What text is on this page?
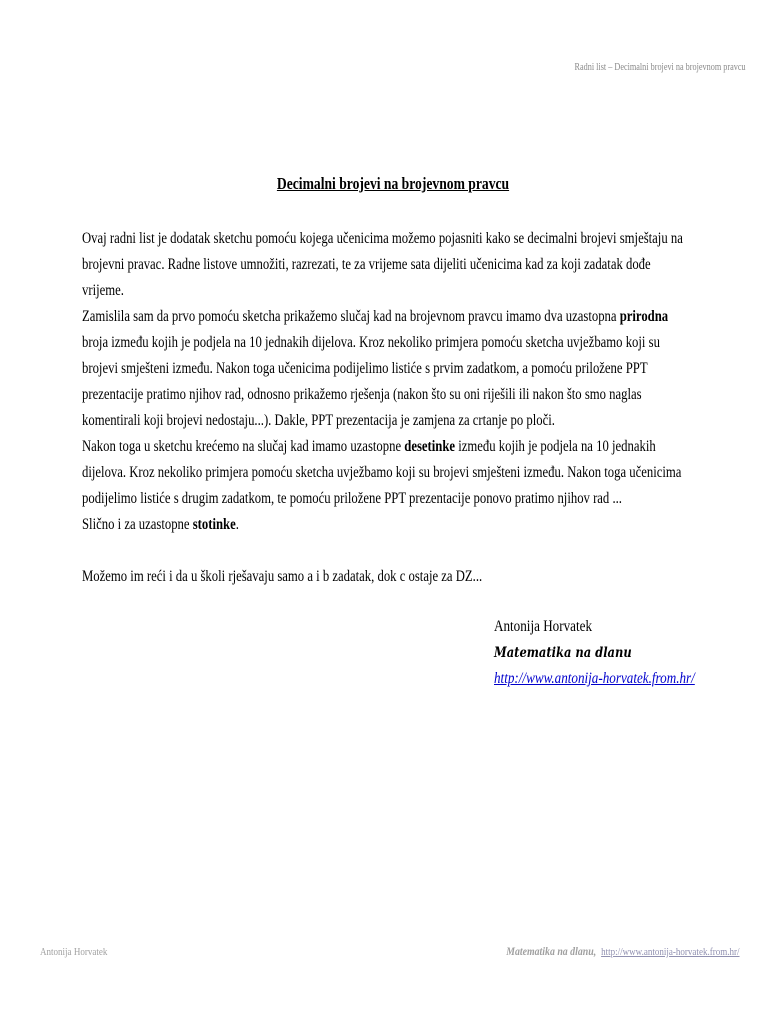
Radni list – Decimalni brojevi na brojevnom pravcu
Decimalni brojevi na brojevnom pravcu

Ovaj radni list je dodatak sketchu pomoću kojega učenicima možemo pojasniti kako se decimalni brojevi smještaju na brojevni pravac. Radne listove umnožiti, razrezati, te za vrijeme sata dijeliti učenicima kad za koji zadatak dođe vrijeme.

Zamislila sam da prvo pomoću sketcha prikažemo slučaj kad na brojevnom pravcu imamo dva uzastopna prirodna broja između kojih je podjela na 10 jednakih dijelova. Kroz nekoliko primjera pomoću sketcha uvježbamo koji su brojevi smješteni između. Nakon toga učenicima podijelimo listiće s prvim zadatkom, a pomoću priložene PPT prezentacije pratimo njihov rad, odnosno prikažemo rješenja (nakon što su oni riješili ili nakon što smo naglas komentirali koji brojevi nedostaju...). Dakle, PPT prezentacija je zamjena za crtanje po ploči.

Nakon toga u sketchu krećemo na slučaj kad imamo uzastopne desetinke između kojih je podjela na 10 jednakih dijelova. Kroz nekoliko primjera pomoću sketcha uvježbamo koji su brojevi smješteni između. Nakon toga učenicima podijelimo listiće s drugim zadatkom, te pomoću priložene PPT prezentacije ponovo pratimo njihov rad ...

Slično i za uzastopne stotinke.

Možemo im reći i da u školi rješavaju samo a i b zadatak, dok c ostaje za DZ...

Antonija Horvatek
Matematika na dlanu
http://www.antonija-horvatek.from.hr/
Antonija Horvatek	Matematika na dlanu, http://www.antonija-horvatek.from.hr/
